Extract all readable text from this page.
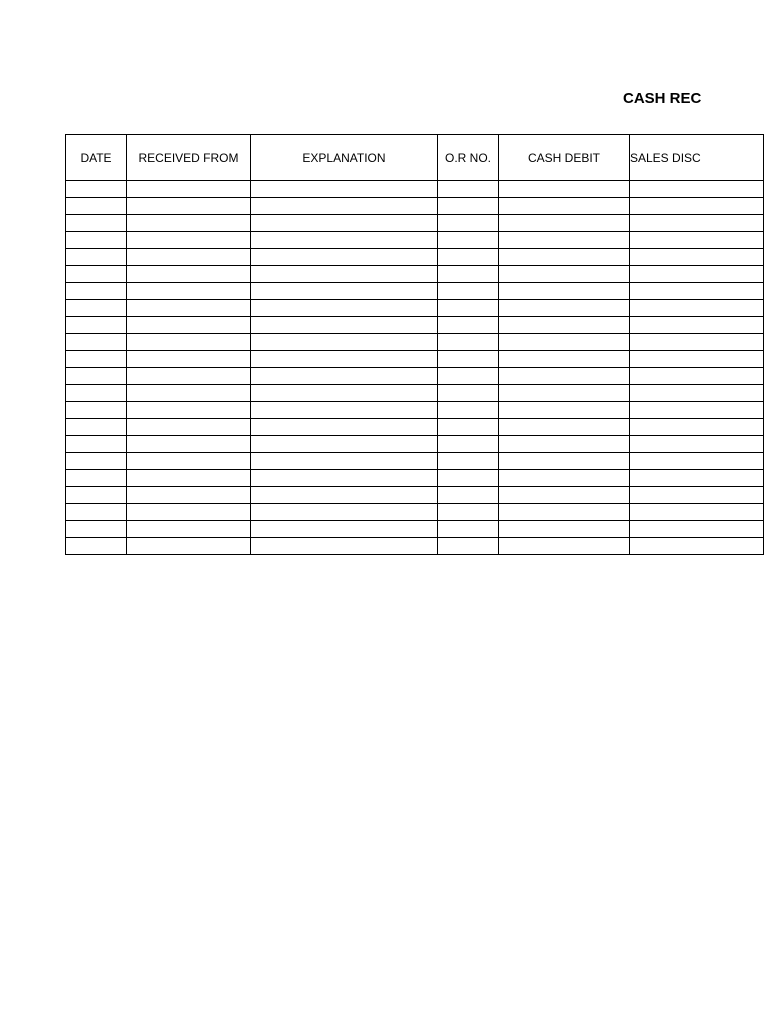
CASH REC
DATE	RECEIVED FROM	EXPLANATION	O.R NO.	CASH DEBIT	SALES DISC
